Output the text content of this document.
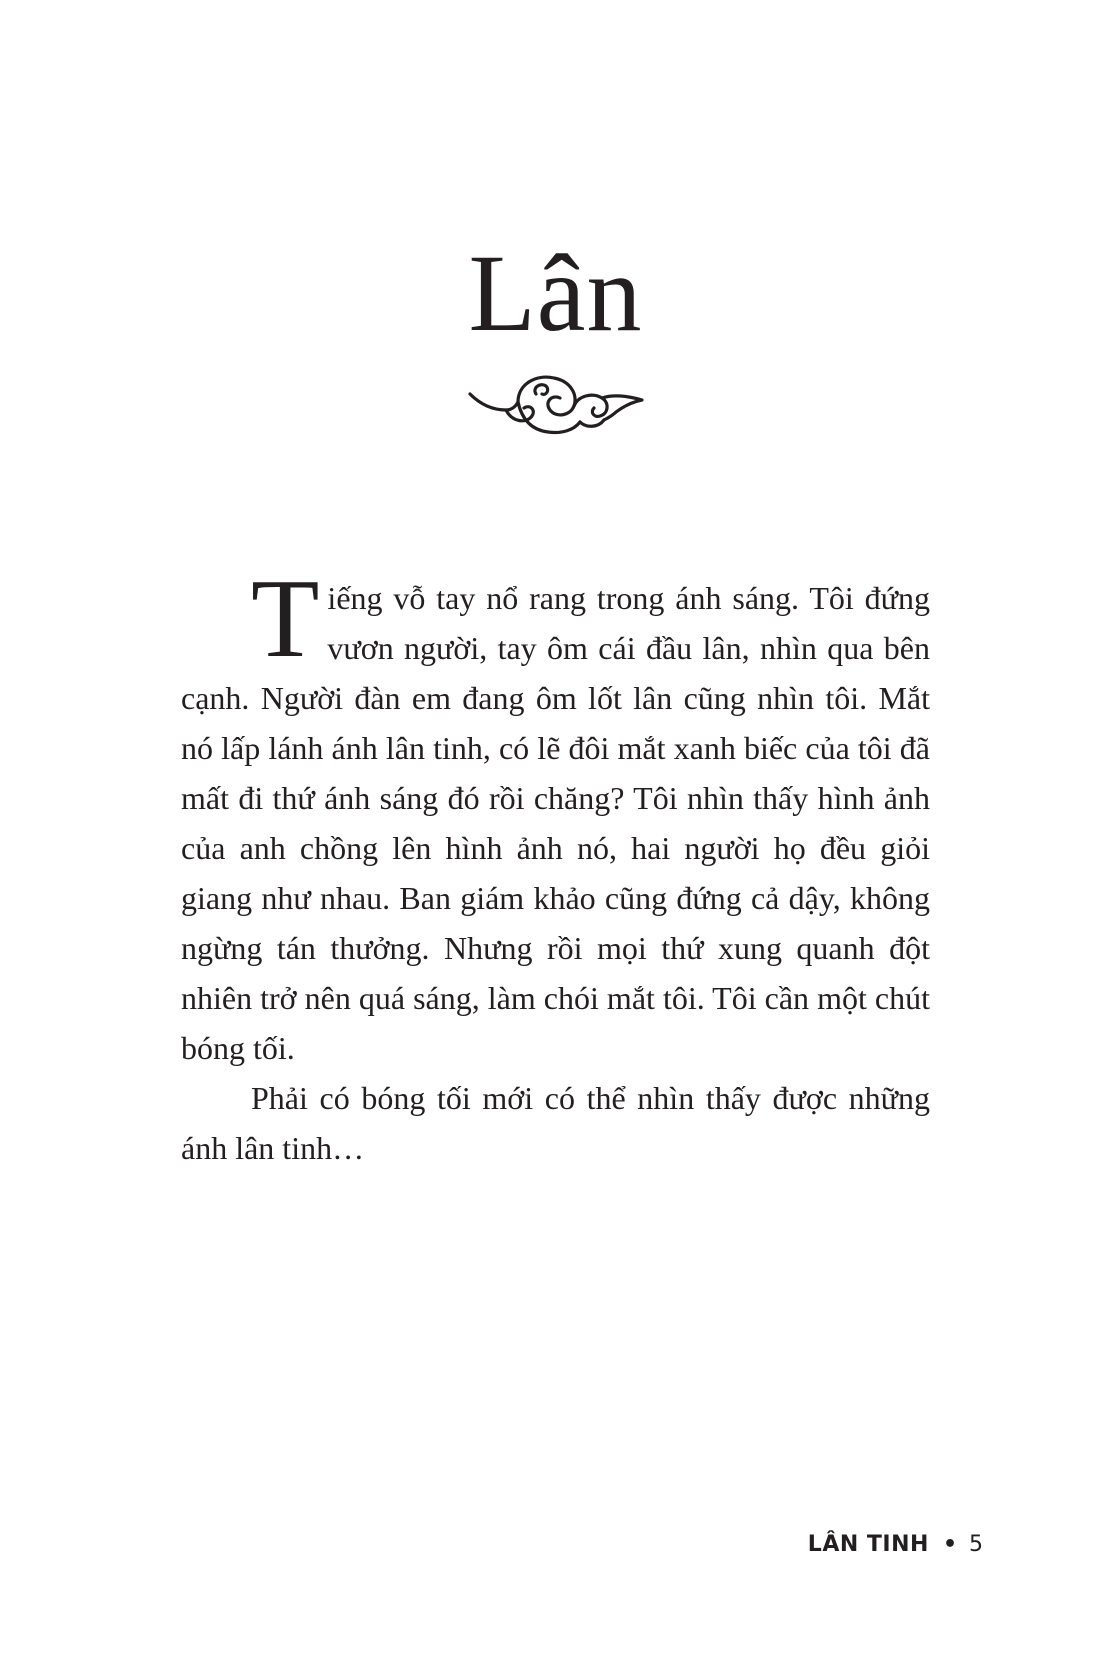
Lân

Tiếng vỗ tay nổ rang trong ánh sáng. Tôi đứng vươn người, tay ôm cái đầu lân, nhìn qua bên cạnh. Người đàn em đang ôm lốt lân cũng nhìn tôi. Mắt nó lấp lánh ánh lân tinh, có lẽ đôi mắt xanh biếc của tôi đã mất đi thứ ánh sáng đó rồi chăng? Tôi nhìn thấy hình ảnh của anh chồng lên hình ảnh nó, hai người họ đều giỏi giang như nhau. Ban giám khảo cũng đứng cả dậy, không ngừng tán thưởng. Nhưng rồi mọi thứ xung quanh đột nhiên trở nên quá sáng, làm chói mắt tôi. Tôi cần một chút bóng tối.

Phải có bóng tối mới có thể nhìn thấy được những ánh lân tinh…

LÂN TINH • 5
